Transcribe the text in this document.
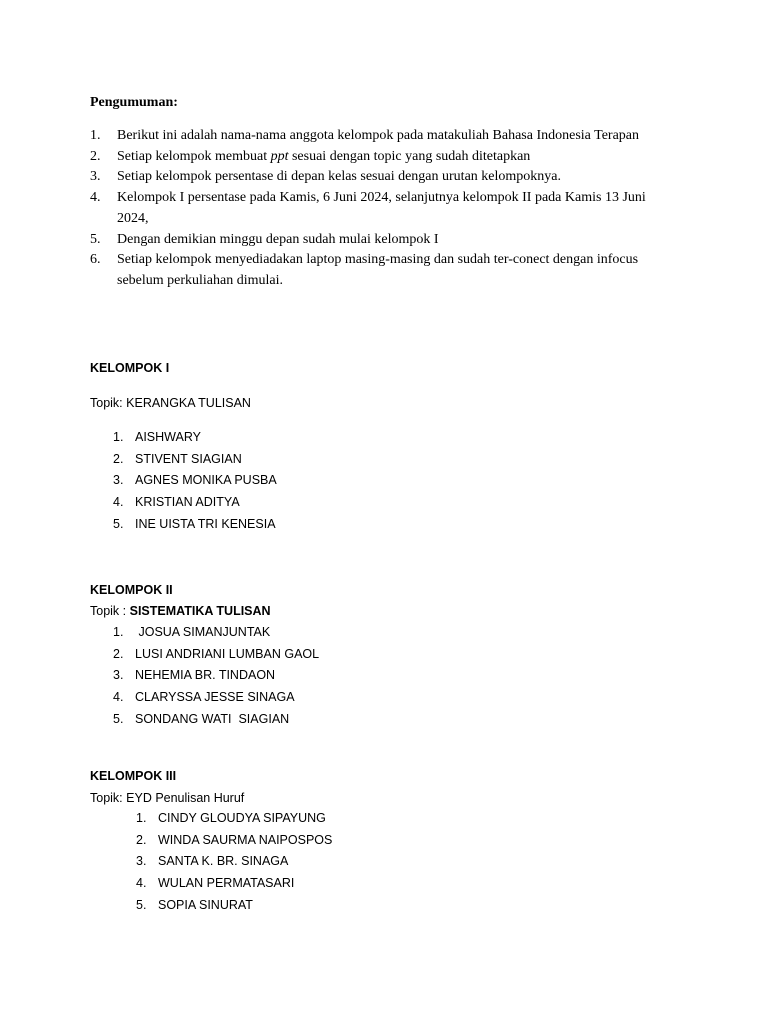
Pengumuman:
1. Berikut ini adalah nama-nama anggota kelompok pada matakuliah Bahasa Indonesia Terapan
2. Setiap kelompok membuat ppt sesuai dengan topic yang sudah ditetapkan
3. Setiap kelompok persentase di depan kelas sesuai dengan urutan kelompoknya.
4. Kelompok I persentase pada Kamis, 6 Juni 2024, selanjutnya kelompok II pada Kamis 13 Juni 2024,
5. Dengan demikian minggu depan sudah mulai kelompok I
6. Setiap kelompok menyediadakan laptop masing-masing dan sudah ter-conect dengan infocus sebelum perkuliahan dimulai.
KELOMPOK I
Topik: KERANGKA TULISAN
1. AISHWARY
2. STIVENT SIAGIAN
3. AGNES MONIKA PUSBA
4. KRISTIAN ADITYA
5. INE UISTA TRI KENESIA
KELOMPOK II
Topik : SISTEMATIKA TULISAN
1. JOSUA SIMANJUNTAK
2. LUSI ANDRIANI LUMBAN GAOL
3. NEHEMIA BR. TINDAON
4. CLARYSSA JESSE SINAGA
5. SONDANG WATI  SIAGIAN
KELOMPOK III
Topik: EYD Penulisan Huruf
1. CINDY GLOUDYA SIPAYUNG
2. WINDA SAURMA NAIPOSPOS
3. SANTA K. BR. SINAGA
4. WULAN PERMATASARI
5. SOPIA SINURAT
